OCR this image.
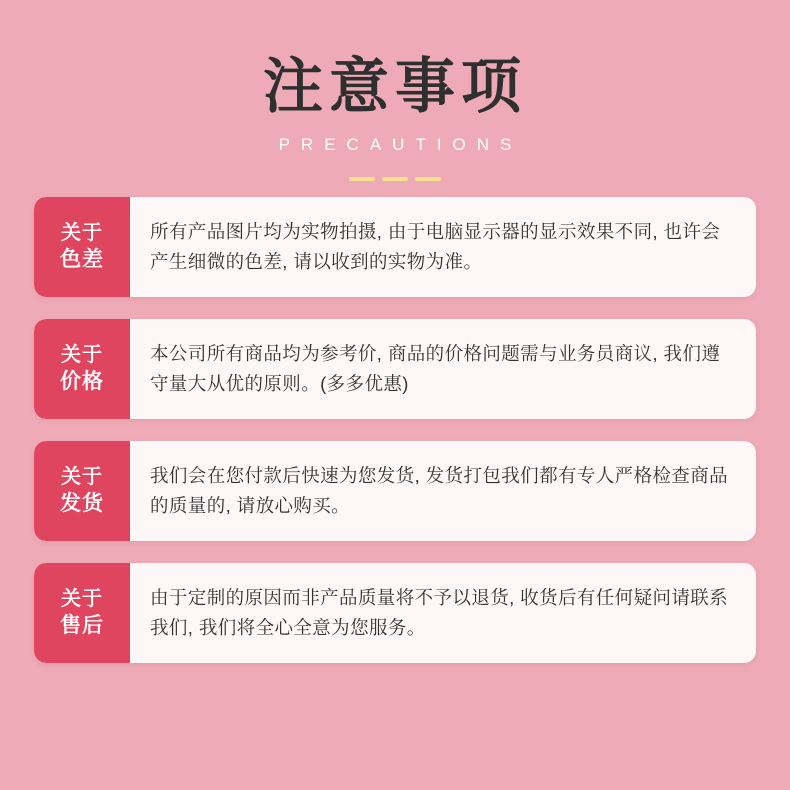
注意事项
PRECAUTIONS
关于
色差

所有产品图片均为实物拍摄, 由于电脑显示器的显示效果不同, 也许会产生细微的色差, 请以收到的实物为准。

关于
价格

本公司所有商品均为参考价, 商品的价格问题需与业务员商议, 我们遵守量大从优的原则。(多多优惠)

关于
发货

我们会在您付款后快速为您发货, 发货打包我们都有专人严格检查商品的质量的, 请放心购买。

关于
售后

由于定制的原因而非产品质量将不予以退货, 收货后有任何疑问请联系我们, 我们将全心全意为您服务。
